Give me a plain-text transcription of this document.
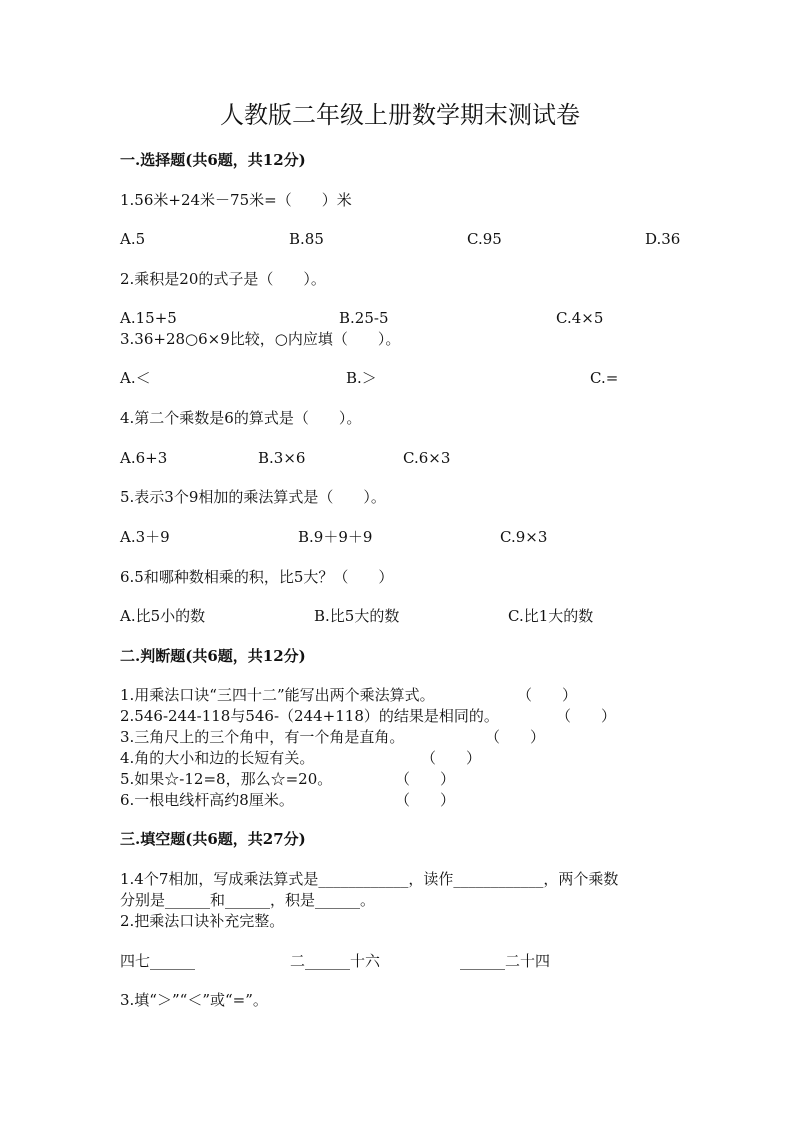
人教版二年级上册数学期末测试卷
一.选择题(共6题，共12分)
1.56米+24米－75米=（　　）米
A.5	B.85	C.95	D.36
2.乘积是20的式子是（　　）。
A.15+5	B.25-5	C.4×5
3.36+28○6×9比较，○内应填（　　）。
A.＜	B.＞	C.=
4.第二个乘数是6的算式是（　　）。
A.6+3	B.3×6	C.6×3
5.表示3个9相加的乘法算式是（　　）。
A.3＋9	B.9＋9＋9	C.9×3
6.5和哪种数相乘的积，比5大？（　　）
A.比5小的数	B.比5大的数	C.比1大的数
二.判断题(共6题，共12分)
1.用乘法口诀“三四十二”能写出两个乘法算式。	（　　）
2.546-244-118与546-（244+118）的结果是相同的。	（　　）
3.三角尺上的三个角中，有一个角是直角。	（　　）
4.角的大小和边的长短有关。	（　　）
5.如果☆-12=8，那么☆=20。	（　　）
6.一根电线杆高约8厘米。	（　　）
三.填空题(共6题，共27分)
1.4个7相加，写成乘法算式是____________，读作____________，两个乘数
分别是______和______，积是______。
2.把乘法口诀补充完整。
四七______	二______十六	______二十四
3.填“＞”“＜”或“=”。
